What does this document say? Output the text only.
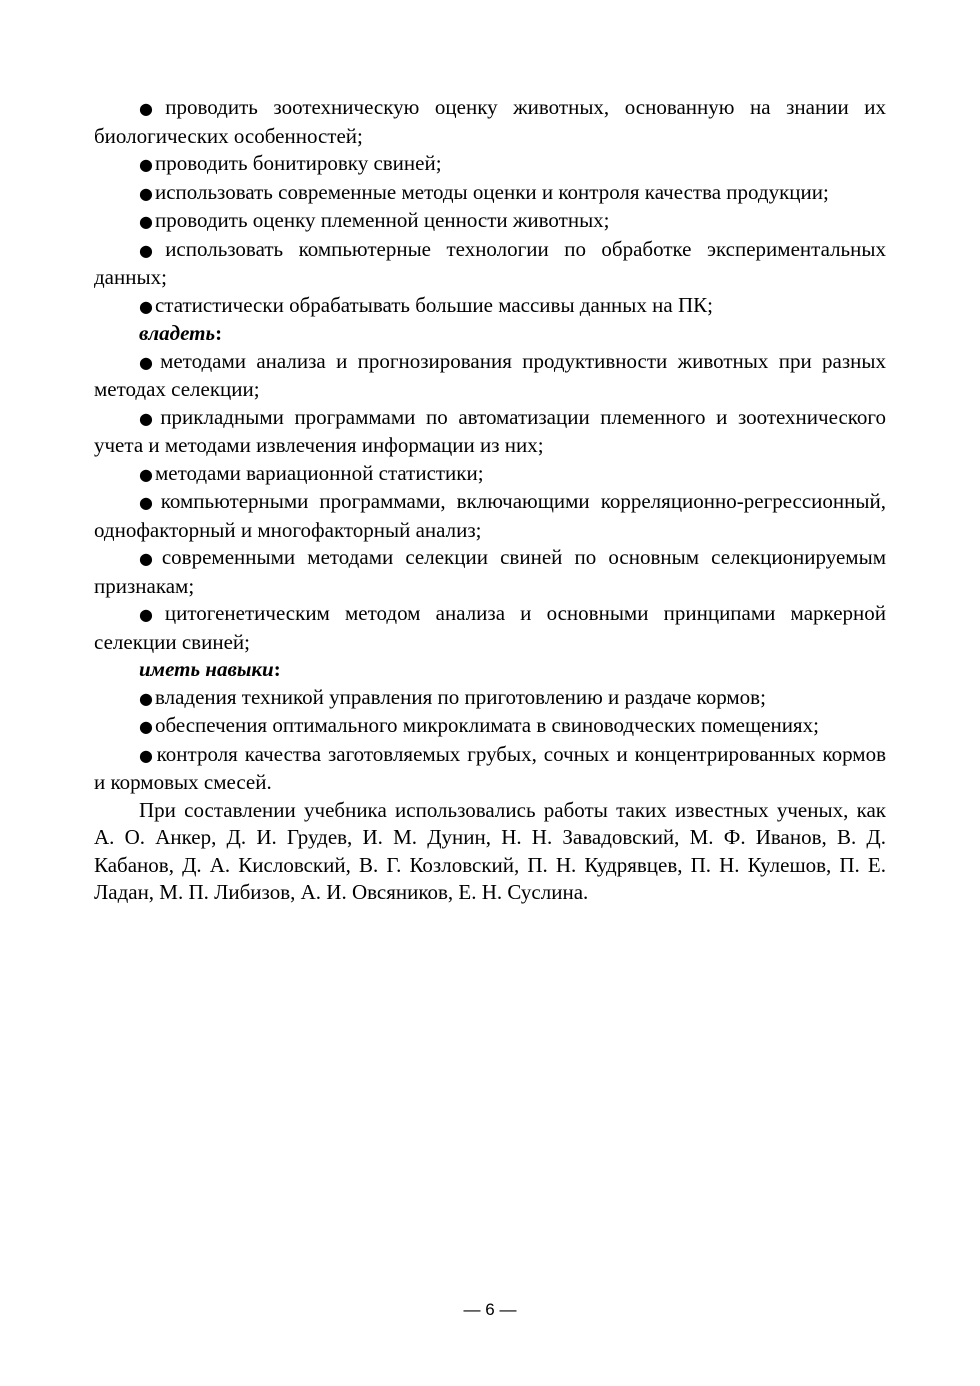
●проводить зоотехническую оценку животных, основанную на знании их биологических особенностей;

●проводить бонитировку свиней;

●использовать современные методы оценки и контроля качества продукции;

●проводить оценку племенной ценности животных;

●использовать компьютерные технологии по обработке экспериментальных данных;

●статистически обрабатывать большие массивы данных на ПК;

владеть:

●методами анализа и прогнозирования продуктивности животных при разных методах селекции;

●прикладными программами по автоматизации племенного и зоотехнического учета и методами извлечения информации из них;

●методами вариационной статистики;

●компьютерными программами, включающими корреляционно-регрессионный, однофакторный и многофакторный анализ;

●современными методами селекции свиней по основным селекционируемым признакам;

●цитогенетическим методом анализа и основными принципами маркерной селекции свиней;

иметь навыки:

●владения техникой управления по приготовлению и раздаче кормов;

●обеспечения оптимального микроклимата в свиноводческих помещениях;

●контроля качества заготовляемых грубых, сочных и концентрированных кормов и кормовых смесей.

При составлении учебника использовались работы таких известных ученых, как А. О. Анкер, Д. И. Грудев, И. М. Дунин, Н. Н. Завадовский, М. Ф. Иванов, В. Д. Кабанов, Д. А. Кисловский, В. Г. Козловский, П. Н. Кудрявцев, П. Н. Кулешов, П. Е. Ладан, М. П. Либизов, А. И. Овсяников, Е. Н. Суслина.

— 6 —
